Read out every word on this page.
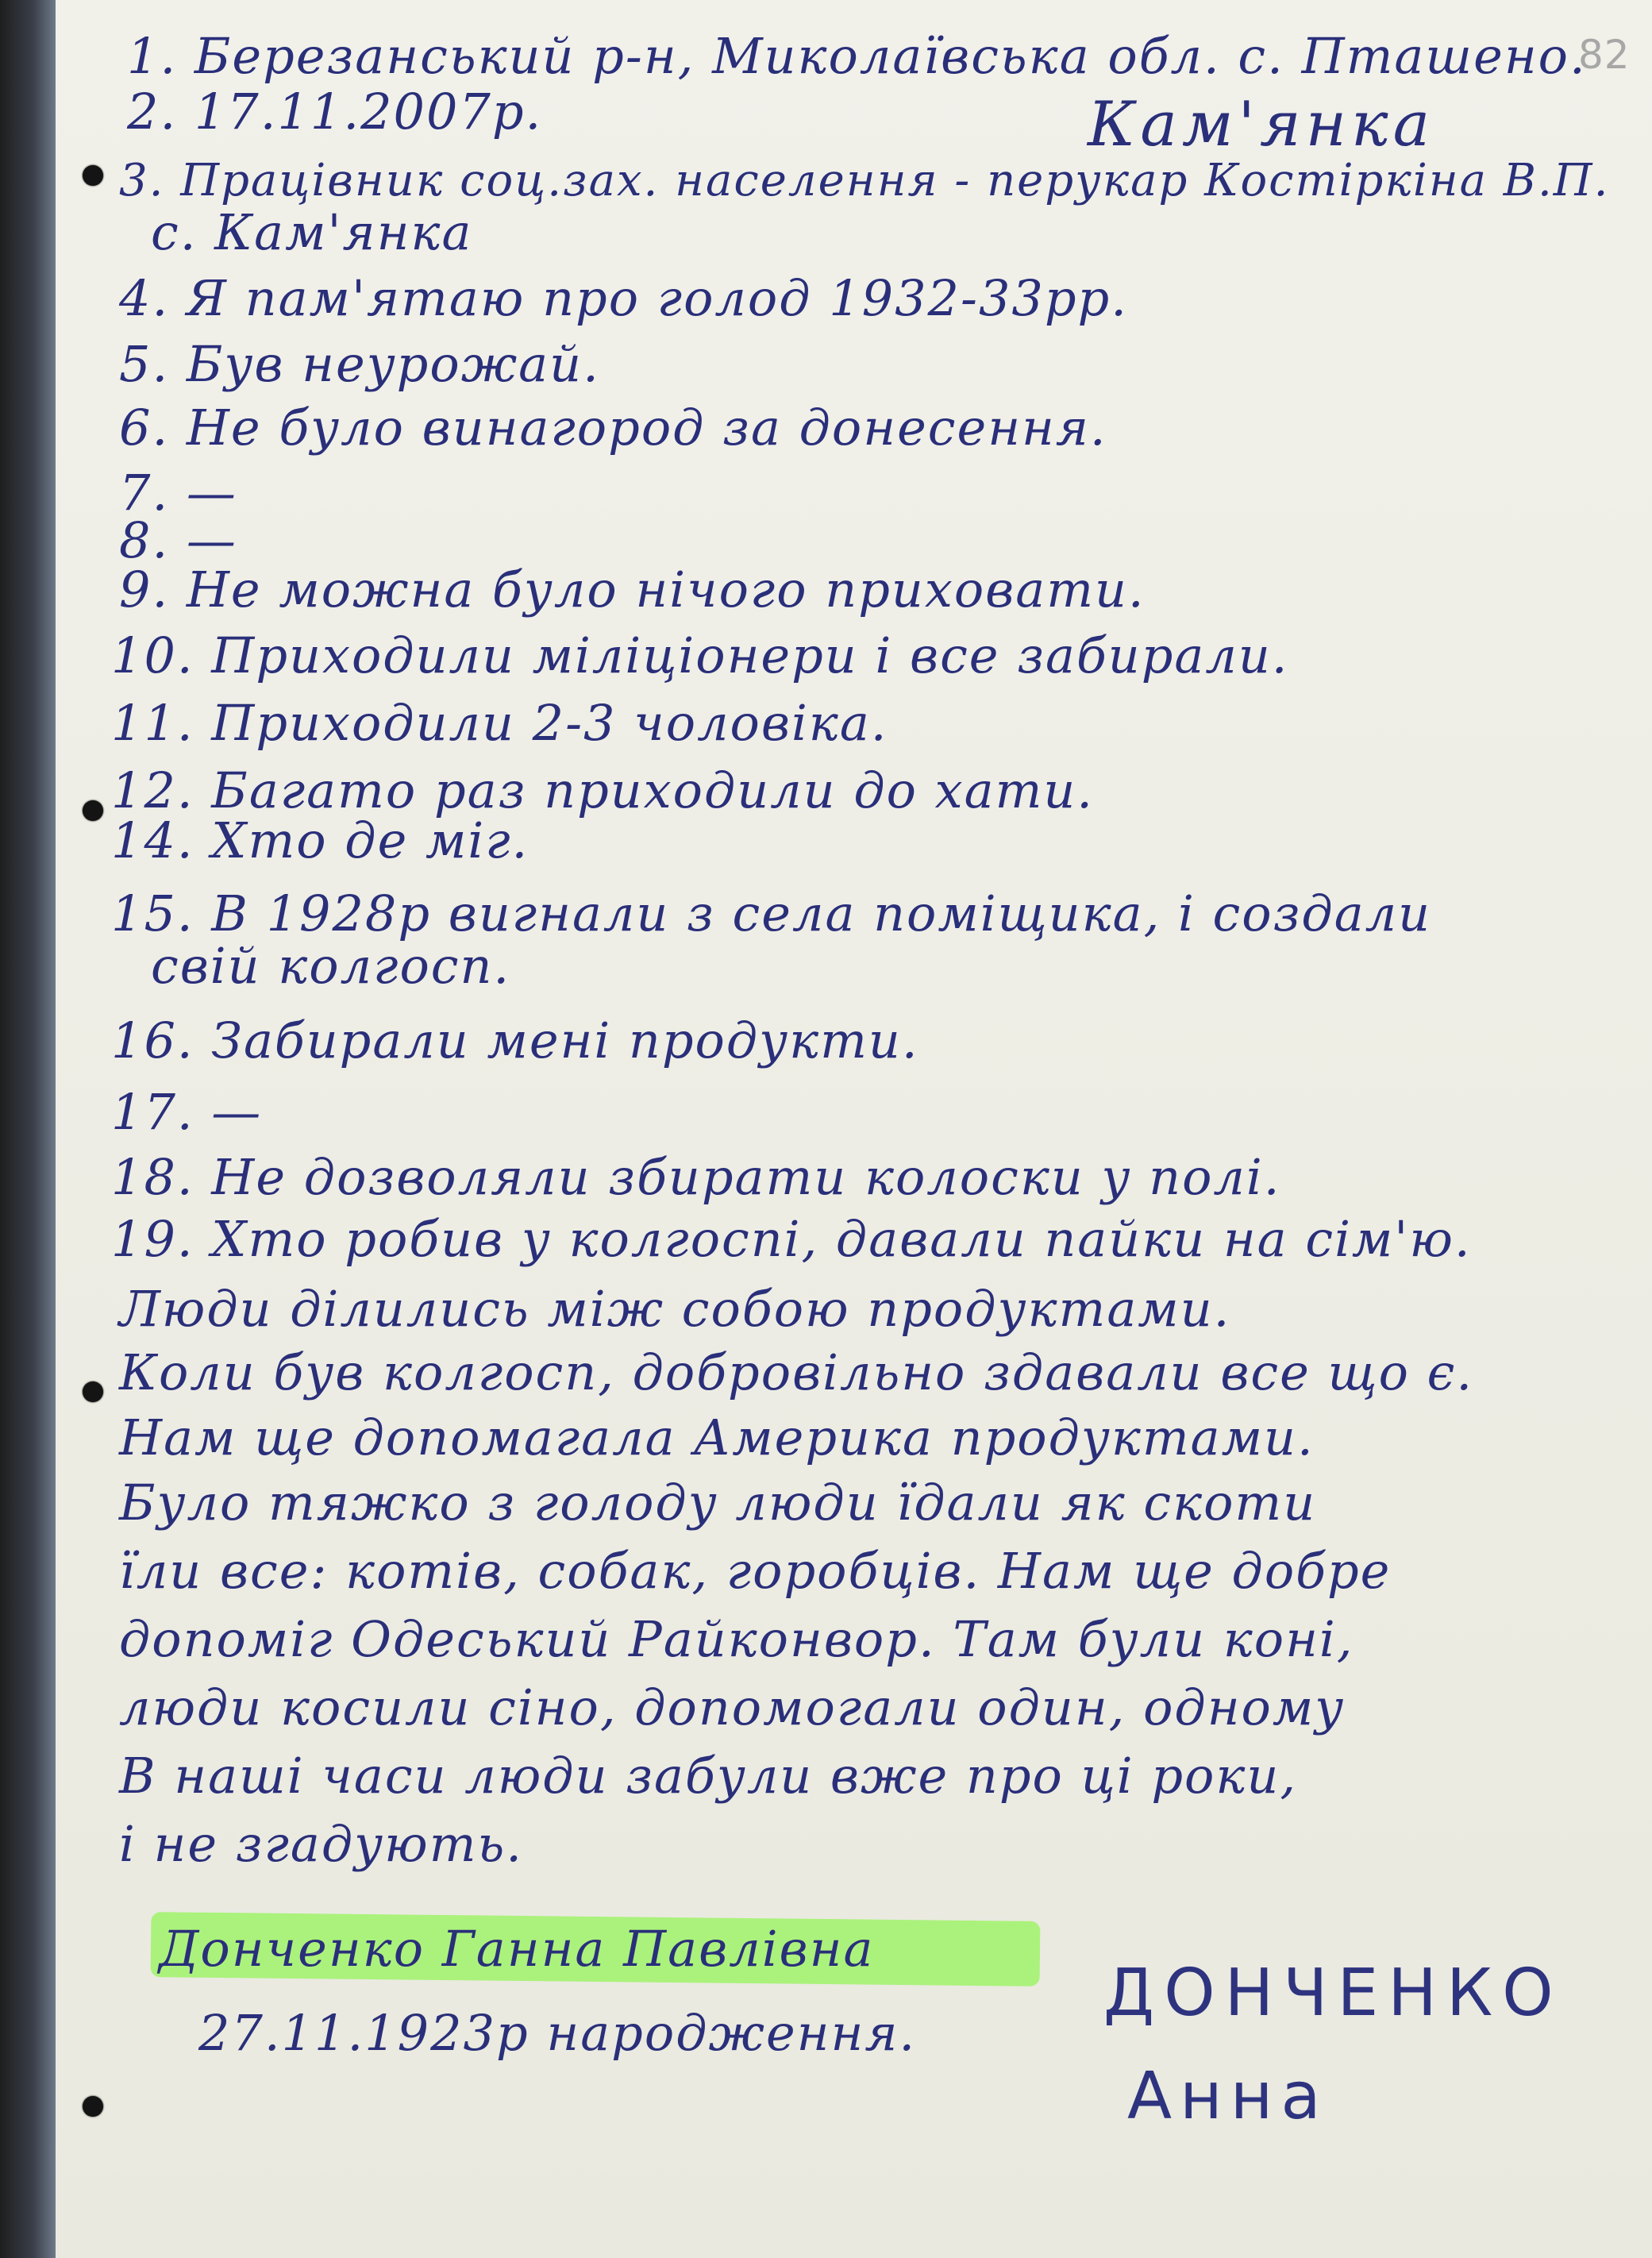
82
Кам'янка
1. Березанський р-н, Миколаївська обл. с. Пташено.
2. 17.11.2007р.
3. Працівник соц.зах. населення - перукар Костіркіна В.П.
с. Кам'янка
4. Я пам'ятаю про голод 1932-33рр.
5. Був неурожай.
6. Не було винагород за донесення.
7. —
8. —
9. Не можна було нічого приховати.
10. Приходили міліціонери і все забирали.
11. Приходили 2-3 чоловіка.
12. Багато раз приходили до хати.
14. Хто де міг.
15. В 1928р вигнали з села поміщика, і создали
свій колгосп.
16. Забирали мені продукти.
17. —
18. Не дозволяли збирати колоски у полі.
19. Хто робив у колгоспі, давали пайки на сім'ю.
Люди ділились між собою продуктами.
Коли був колгосп, добровільно здавали все що є.
Нам ще допомагала Америка продуктами.
Було тяжко з голоду люди їдали як скоти
їли все: котів, собак, горобців. Нам ще добре
допоміг Одеський Райконвор. Там були коні,
люди косили сіно, допомогали один, одному
В наші часи люди забули вже про ці роки,
і не згадують.
Донченко Ганна Павлівна
27.11.1923р народження.
ДОНЧЕНКО
Анна
